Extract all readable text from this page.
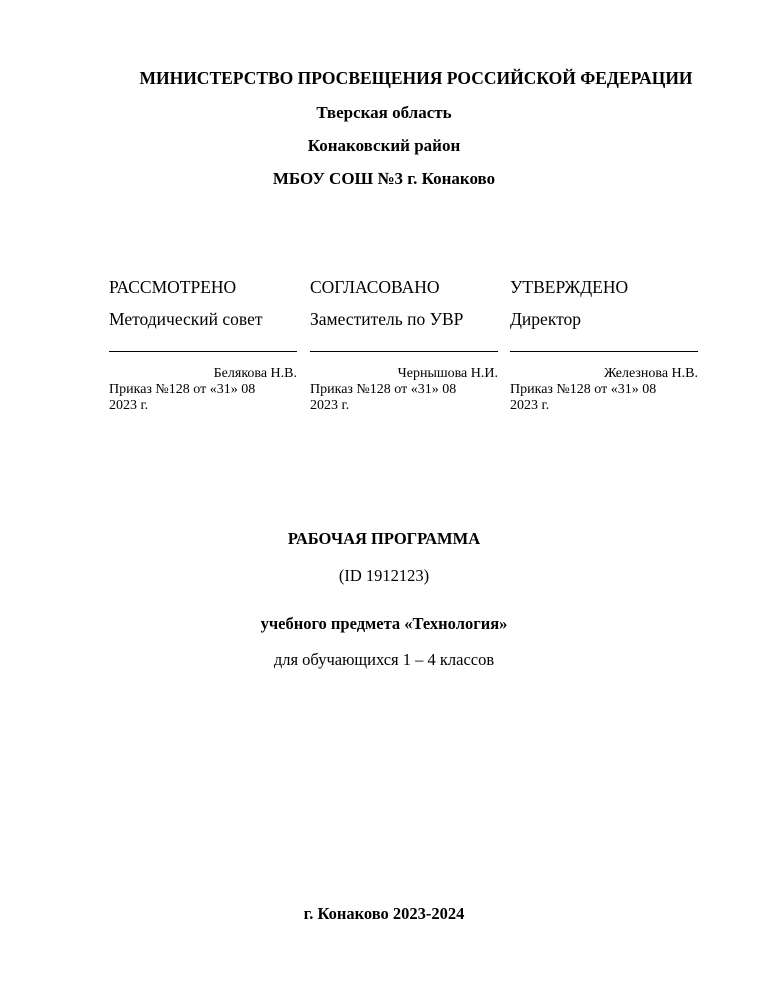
МИНИСТЕРСТВО ПРОСВЕЩЕНИЯ РОССИЙСКОЙ ФЕДЕРАЦИИ
Тверская область
Конаковский район
МБОУ СОШ №3 г. Конаково
РАССМОТРЕНО
Методический совет
Белякова Н.В.
Приказ №128 от «31» 08
2023 г.
СОГЛАСОВАНО
Заместитель по УВР
Чернышова Н.И.
Приказ №128 от «31» 08
2023 г.
УТВЕРЖДЕНО
Директор
Железнова Н.В.
Приказ №128 от «31» 08
2023 г.
РАБОЧАЯ ПРОГРАММА
(ID 1912123)
учебного предмета «Технология»
для обучающихся 1 – 4 классов
г. Конаково 2023-2024
